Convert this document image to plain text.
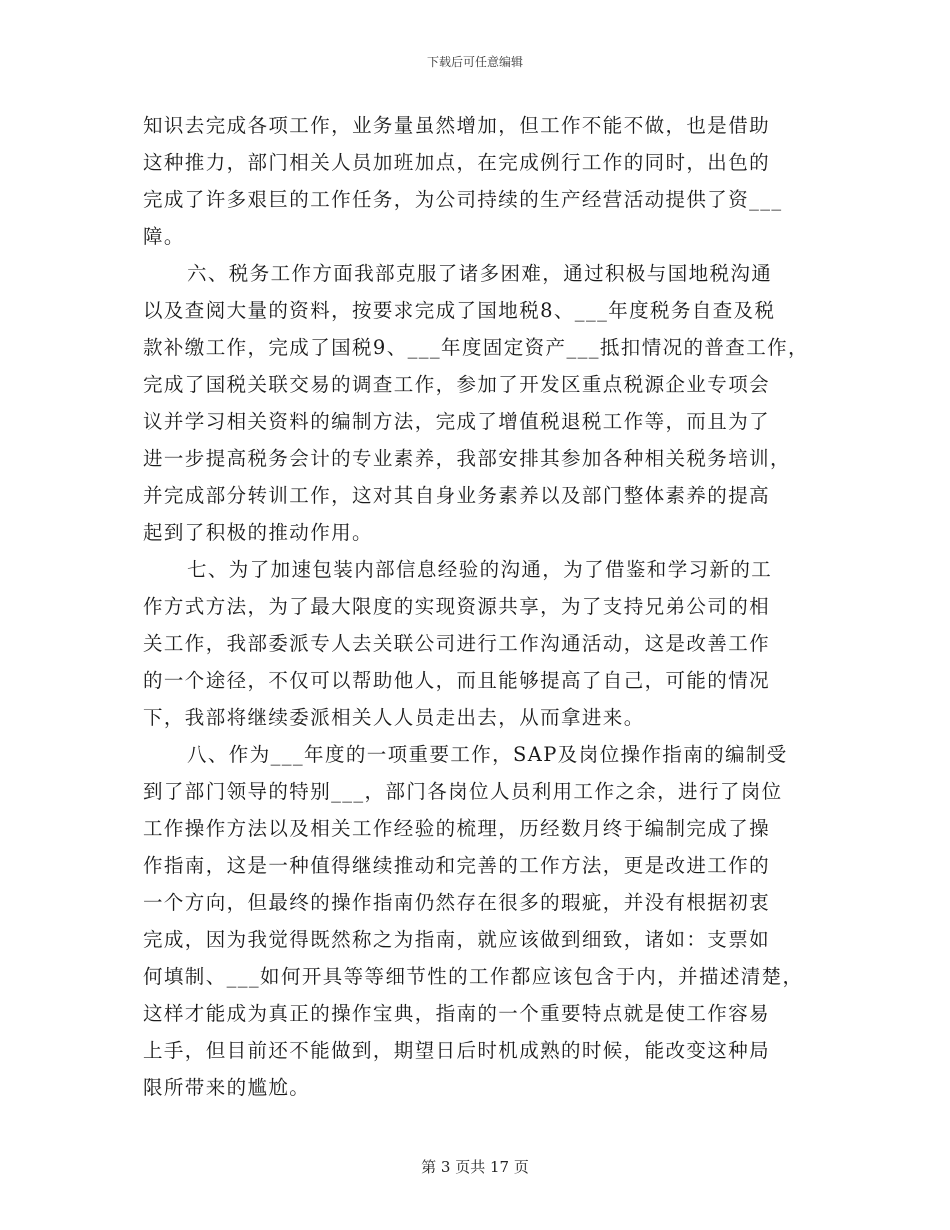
下载后可任意编辑
知识去完成各项工作，业务量虽然增加，但工作不能不做，也是借助
这种推力，部门相关人员加班加点，在完成例行工作的同时，出色的
完成了许多艰巨的工作任务，为公司持续的生产经营活动提供了资___
障。
六、税务工作方面我部克服了诸多困难，通过积极与国地税沟通
以及查阅大量的资料，按要求完成了国地税8、___年度税务自查及税
款补缴工作，完成了国税9、___年度固定资产___抵扣情况的普查工作，
完成了国税关联交易的调查工作，参加了开发区重点税源企业专项会
议并学习相关资料的编制方法，完成了增值税退税工作等，而且为了
进一步提高税务会计的专业素养，我部安排其参加各种相关税务培训，
并完成部分转训工作，这对其自身业务素养以及部门整体素养的提高
起到了积极的推动作用。
七、为了加速包装内部信息经验的沟通，为了借鉴和学习新的工
作方式方法，为了最大限度的实现资源共享，为了支持兄弟公司的相
关工作，我部委派专人去关联公司进行工作沟通活动，这是改善工作
的一个途径，不仅可以帮助他人，而且能够提高了自己，可能的情况
下，我部将继续委派相关人人员走出去，从而拿进来。
八、作为___年度的一项重要工作，SAP及岗位操作指南的编制受
到了部门领导的特别___，部门各岗位人员利用工作之余，进行了岗位
工作操作方法以及相关工作经验的梳理，历经数月终于编制完成了操
作指南，这是一种值得继续推动和完善的工作方法，更是改进工作的
一个方向，但最终的操作指南仍然存在很多的瑕疵，并没有根据初衷
完成，因为我觉得既然称之为指南，就应该做到细致，诸如：支票如
何填制、___如何开具等等细节性的工作都应该包含于内，并描述清楚，
这样才能成为真正的操作宝典，指南的一个重要特点就是使工作容易
上手，但目前还不能做到，期望日后时机成熟的时候，能改变这种局
限所带来的尴尬。
第 3 页共 17 页
